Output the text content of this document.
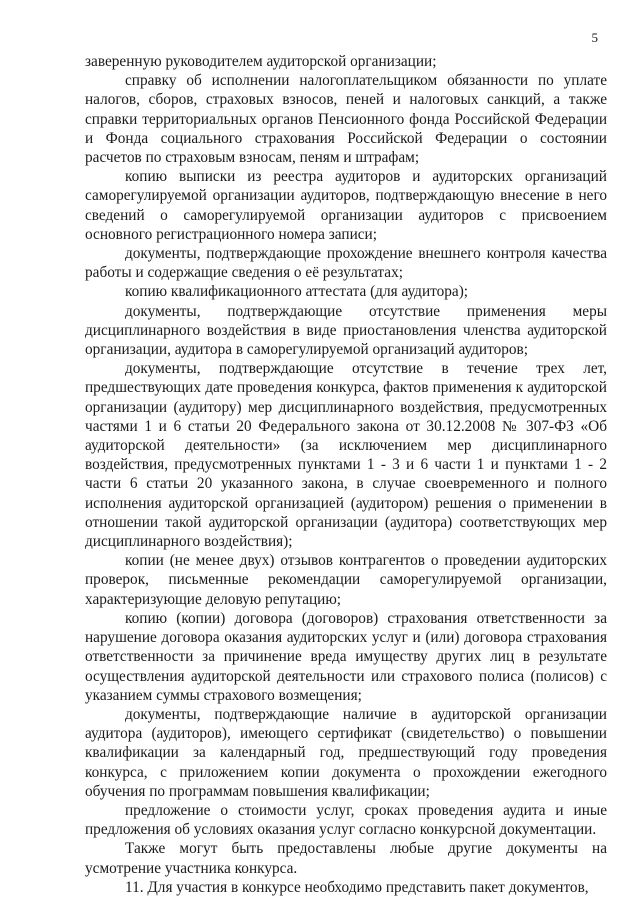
5

заверенную руководителем аудиторской организации;

справку об исполнении налогоплательщиком обязанности по уплате налогов, сборов, страховых взносов, пеней и налоговых санкций, а также справки территориальных органов Пенсионного фонда Российской Федерации и Фонда социального страхования Российской Федерации о состоянии расчетов по страховым взносам, пеням и штрафам;

копию выписки из реестра аудиторов и аудиторских организаций саморегулируемой организации аудиторов, подтверждающую внесение в него сведений о саморегулируемой организации аудиторов с присвоением основного регистрационного номера записи;

документы, подтверждающие прохождение внешнего контроля качества работы и содержащие сведения о её результатах;

копию квалификационного аттестата (для аудитора);

документы, подтверждающие отсутствие применения меры дисциплинарного воздействия в виде приостановления членства аудиторской организации, аудитора в саморегулируемой организаций аудиторов;

документы, подтверждающие отсутствие в течение трех лет, предшествующих дате проведения конкурса, фактов применения к аудиторской организации (аудитору) мер дисциплинарного воздействия, предусмотренных частями 1 и 6 статьи 20 Федерального закона от 30.12.2008 № 307-ФЗ «Об аудиторской деятельности» (за исключением мер дисциплинарного воздействия, предусмотренных пунктами 1 - 3 и 6 части 1 и пунктами 1 - 2 части 6 статьи 20 указанного закона, в случае своевременного и полного исполнения аудиторской организацией (аудитором) решения о применении в отношении такой аудиторской организации (аудитора) соответствующих мер дисциплинарного воздействия);

копии (не менее двух) отзывов контрагентов о проведении аудиторских проверок, письменные рекомендации саморегулируемой организации, характеризующие деловую репутацию;

копию (копии) договора (договоров) страхования ответственности за нарушение договора оказания аудиторских услуг и (или) договора страхования ответственности за причинение вреда имуществу других лиц в результате осуществления аудиторской деятельности или страхового полиса (полисов) с указанием суммы страхового возмещения;

документы, подтверждающие наличие в аудиторской организации аудитора (аудиторов), имеющего сертификат (свидетельство) о повышении квалификации за календарный год, предшествующий году проведения конкурса, с приложением копии документа о прохождении ежегодного обучения по программам повышения квалификации;

предложение о стоимости услуг, сроках проведения аудита и иные предложения об условиях оказания услуг согласно конкурсной документации.

Также могут быть предоставлены любые другие документы на усмотрение участника конкурса.

11. Для участия в конкурсе необходимо представить пакет документов,
